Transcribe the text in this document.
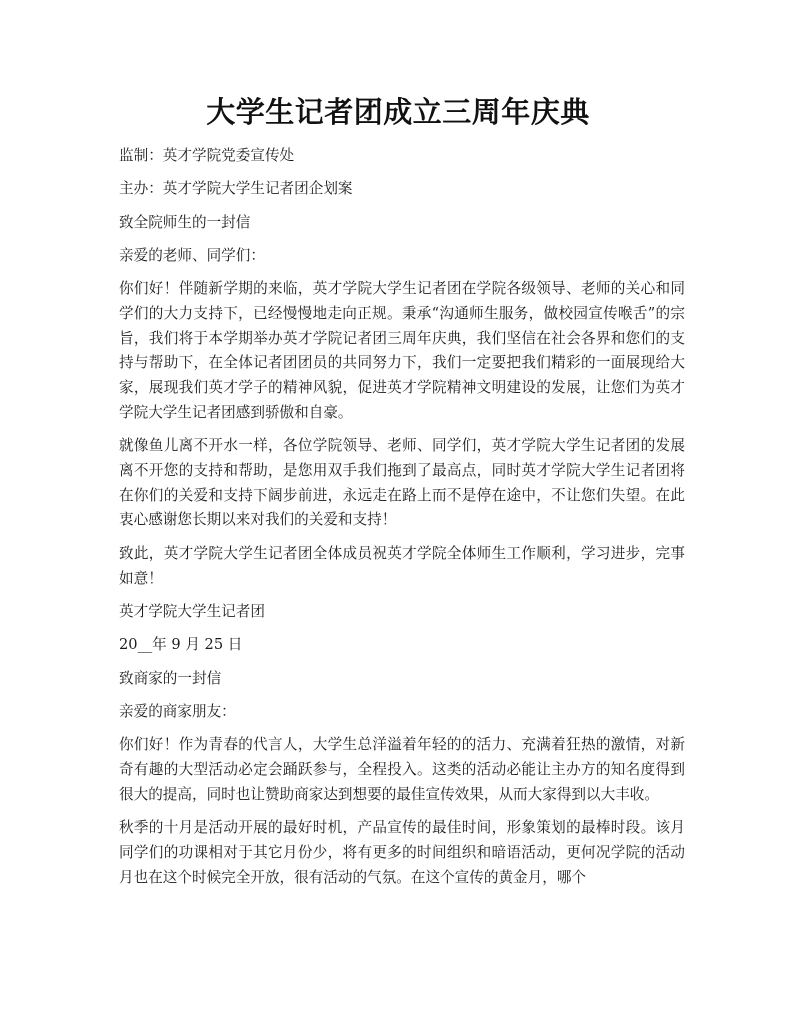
大学生记者团成立三周年庆典

监制：英才学院党委宣传处

主办：英才学院大学生记者团企划案

致全院师生的一封信

亲爱的老师、同学们：

你们好！伴随新学期的来临，英才学院大学生记者团在学院各级领导、老师的关心和同学们的大力支持下，已经慢慢地走向正规。秉承“沟通师生服务，做校园宣传喉舌”的宗旨，我们将于本学期举办英才学院记者团三周年庆典，我们坚信在社会各界和您们的支持与帮助下，在全体记者团团员的共同努力下，我们一定要把我们精彩的一面展现给大家，展现我们英才学子的精神风貌，促进英才学院精神文明建设的发展，让您们为英才学院大学生记者团感到骄傲和自豪。

就像鱼儿离不开水一样，各位学院领导、老师、同学们，英才学院大学生记者团的发展离不开您的支持和帮助，是您用双手我们拖到了最高点，同时英才学院大学生记者团将在你们的关爱和支持下阔步前进，永远走在路上而不是停在途中，不让您们失望。在此衷心感谢您长期以来对我们的关爱和支持！

致此，英才学院大学生记者团全体成员祝英才学院全体师生工作顺利，学习进步，完事如意！

英才学院大学生记者团

20__年 9 月 25 日

致商家的一封信

亲爱的商家朋友：

你们好！作为青春的代言人，大学生总洋溢着年轻的的活力、充满着狂热的激情，对新奇有趣的大型活动必定会踊跃参与，全程投入。这类的活动必能让主办方的知名度得到很大的提高，同时也让赞助商家达到想要的最佳宣传效果，从而大家得到以大丰收。

秋季的十月是活动开展的最好时机，产品宣传的最佳时间，形象策划的最棒时段。该月同学们的功课相对于其它月份少，将有更多的时间组织和暗语活动，更何况学院的活动月也在这个时候完全开放，很有活动的气氛。在这个宣传的黄金月，哪个
